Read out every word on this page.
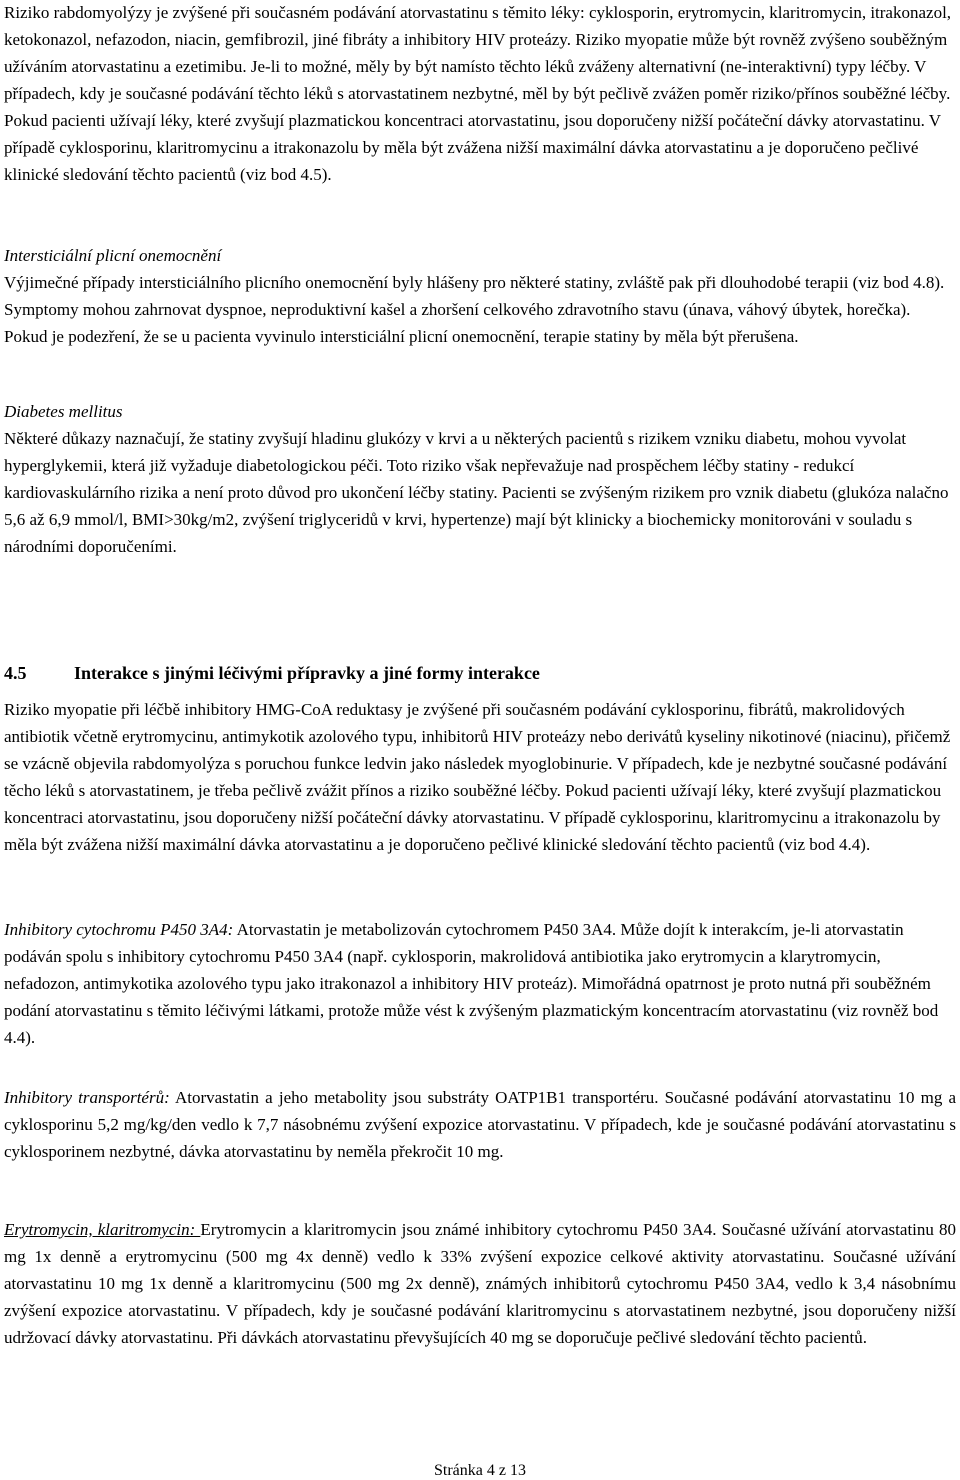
Riziko rabdomyolýzy je zvýšené při současném podávání atorvastatinu s těmito léky: cyklosporin, erytromycin, klaritromycin, itrakonazol, ketokonazol, nefazodon, niacin, gemfibrozil, jiné fibráty a inhibitory HIV proteázy. Riziko myopatie může být rovněž zvýšeno souběžným užíváním atorvastatinu a ezetimibu. Je-li to možné, měly by být namísto těchto léků zváženy alternativní (ne-interaktivní) typy léčby. V případech, kdy je současné podávání těchto léků s atorvastatinem nezbytné, měl by být pečlivě zvážen poměr riziko/přínos souběžné léčby. Pokud pacienti užívají léky, které zvyšují plazmatickou koncentraci atorvastatinu, jsou doporučeny nižší počáteční dávky atorvastatinu. V případě cyklosporinu, klaritromycinu a itrakonazolu by měla být zvážena nižší maximální dávka atorvastatinu a je doporučeno pečlivé klinické sledování těchto pacientů (viz bod 4.5).

Intersticiální plicní onemocnění

Výjimečné případy intersticiálního plicního onemocnění byly hlášeny pro některé statiny, zvláště pak při dlouhodobé terapii (viz bod 4.8). Symptomy mohou zahrnovat dyspnoe, neproduktivní kašel a zhoršení celkového zdravotního stavu (únava, váhový úbytek, horečka). Pokud je podezření, že se u pacienta vyvinulo intersticiální plicní onemocnění, terapie statiny by měla být přerušena.

Diabetes mellitus

Některé důkazy naznačují, že statiny zvyšují hladinu glukózy v krvi a u některých pacientů s rizikem vzniku diabetu, mohou vyvolat hyperglykemii, která již vyžaduje diabetologickou péči. Toto riziko však nepřevažuje nad prospěchem léčby statiny - redukcí kardiovaskulárního rizika a není proto důvod pro ukončení léčby statiny. Pacienti se zvýšeným rizikem pro vznik diabetu (glukóza nalačno 5,6 až 6,9 mmol/l, BMI>30kg/m2, zvýšení triglyceridů v krvi, hypertenze) mají být klinicky a biochemicky monitorováni v souladu s národními doporučeními.

4.5	Interakce s jinými léčivými přípravky a jiné formy interakce

Riziko myopatie při léčbě inhibitory HMG-CoA reduktasy je zvýšené při současném podávání cyklosporinu, fibrátů, makrolidových antibiotik včetně erytromycinu, antimykotik azolového typu, inhibitorů HIV proteázy nebo derivátů kyseliny nikotinové (niacinu), přičemž se vzácně objevila rabdomyolýza s poruchou funkce ledvin jako následek myoglobinurie. V případech, kde je nezbytné současné podávání těcho léků s atorvastatinem, je třeba pečlivě zvážit přínos a riziko souběžné léčby. Pokud pacienti užívají léky, které zvyšují plazmatickou koncentraci atorvastatinu, jsou doporučeny nižší počáteční dávky atorvastatinu. V případě cyklosporinu, klaritromycinu a itrakonazolu by měla být zvážena nižší maximální dávka atorvastatinu a je doporučeno pečlivé klinické sledování těchto pacientů (viz bod 4.4).

Inhibitory cytochromu P450 3A4: Atorvastatin je metabolizován cytochromem P450 3A4. Může dojít k interakcím, je-li atorvastatin podáván spolu s inhibitory cytochromu P450 3A4 (např. cyklosporin, makrolidová antibiotika jako erytromycin a klarytromycin, nefadozon, antimykotika azolového typu jako itrakonazol a inhibitory HIV proteáz). Mimořádná opatrnost je proto nutná při souběžném podání atorvastatinu s těmito léčivými látkami, protože může vést k zvýšeným plazmatickým koncentracím atorvastatinu (viz rovněž bod 4.4).

Inhibitory transportérů: Atorvastatin a jeho metabolity jsou substráty OATP1B1 transportéru. Současné podávání atorvastatinu 10 mg a cyklosporinu 5,2 mg/kg/den vedlo k 7,7 násobnému zvýšení expozice atorvastatinu. V případech, kde je současné podávání atorvastatinu s cyklosporinem nezbytné, dávka atorvastatinu by neměla překročit 10 mg.

Erytromycin, klaritromycin: Erytromycin a klaritromycin jsou známé inhibitory cytochromu P450 3A4. Současné užívání atorvastatinu 80 mg 1x denně a erytromycinu (500 mg 4x denně) vedlo k 33% zvýšení expozice celkové aktivity atorvastatinu. Současné užívání atorvastatinu 10 mg 1x denně a klaritromycinu (500 mg 2x denně), známých inhibitorů cytochromu P450 3A4, vedlo k 3,4 násobnímu zvýšení expozice atorvastatinu. V případech, kdy je současné podávání klaritromycinu s atorvastatinem nezbytné, jsou doporučeny nižší udržovací dávky atorvastatinu. Při dávkách atorvastatinu převyšujících 40 mg se doporučuje pečlivé sledování těchto pacientů.

Stránka 4 z 13
